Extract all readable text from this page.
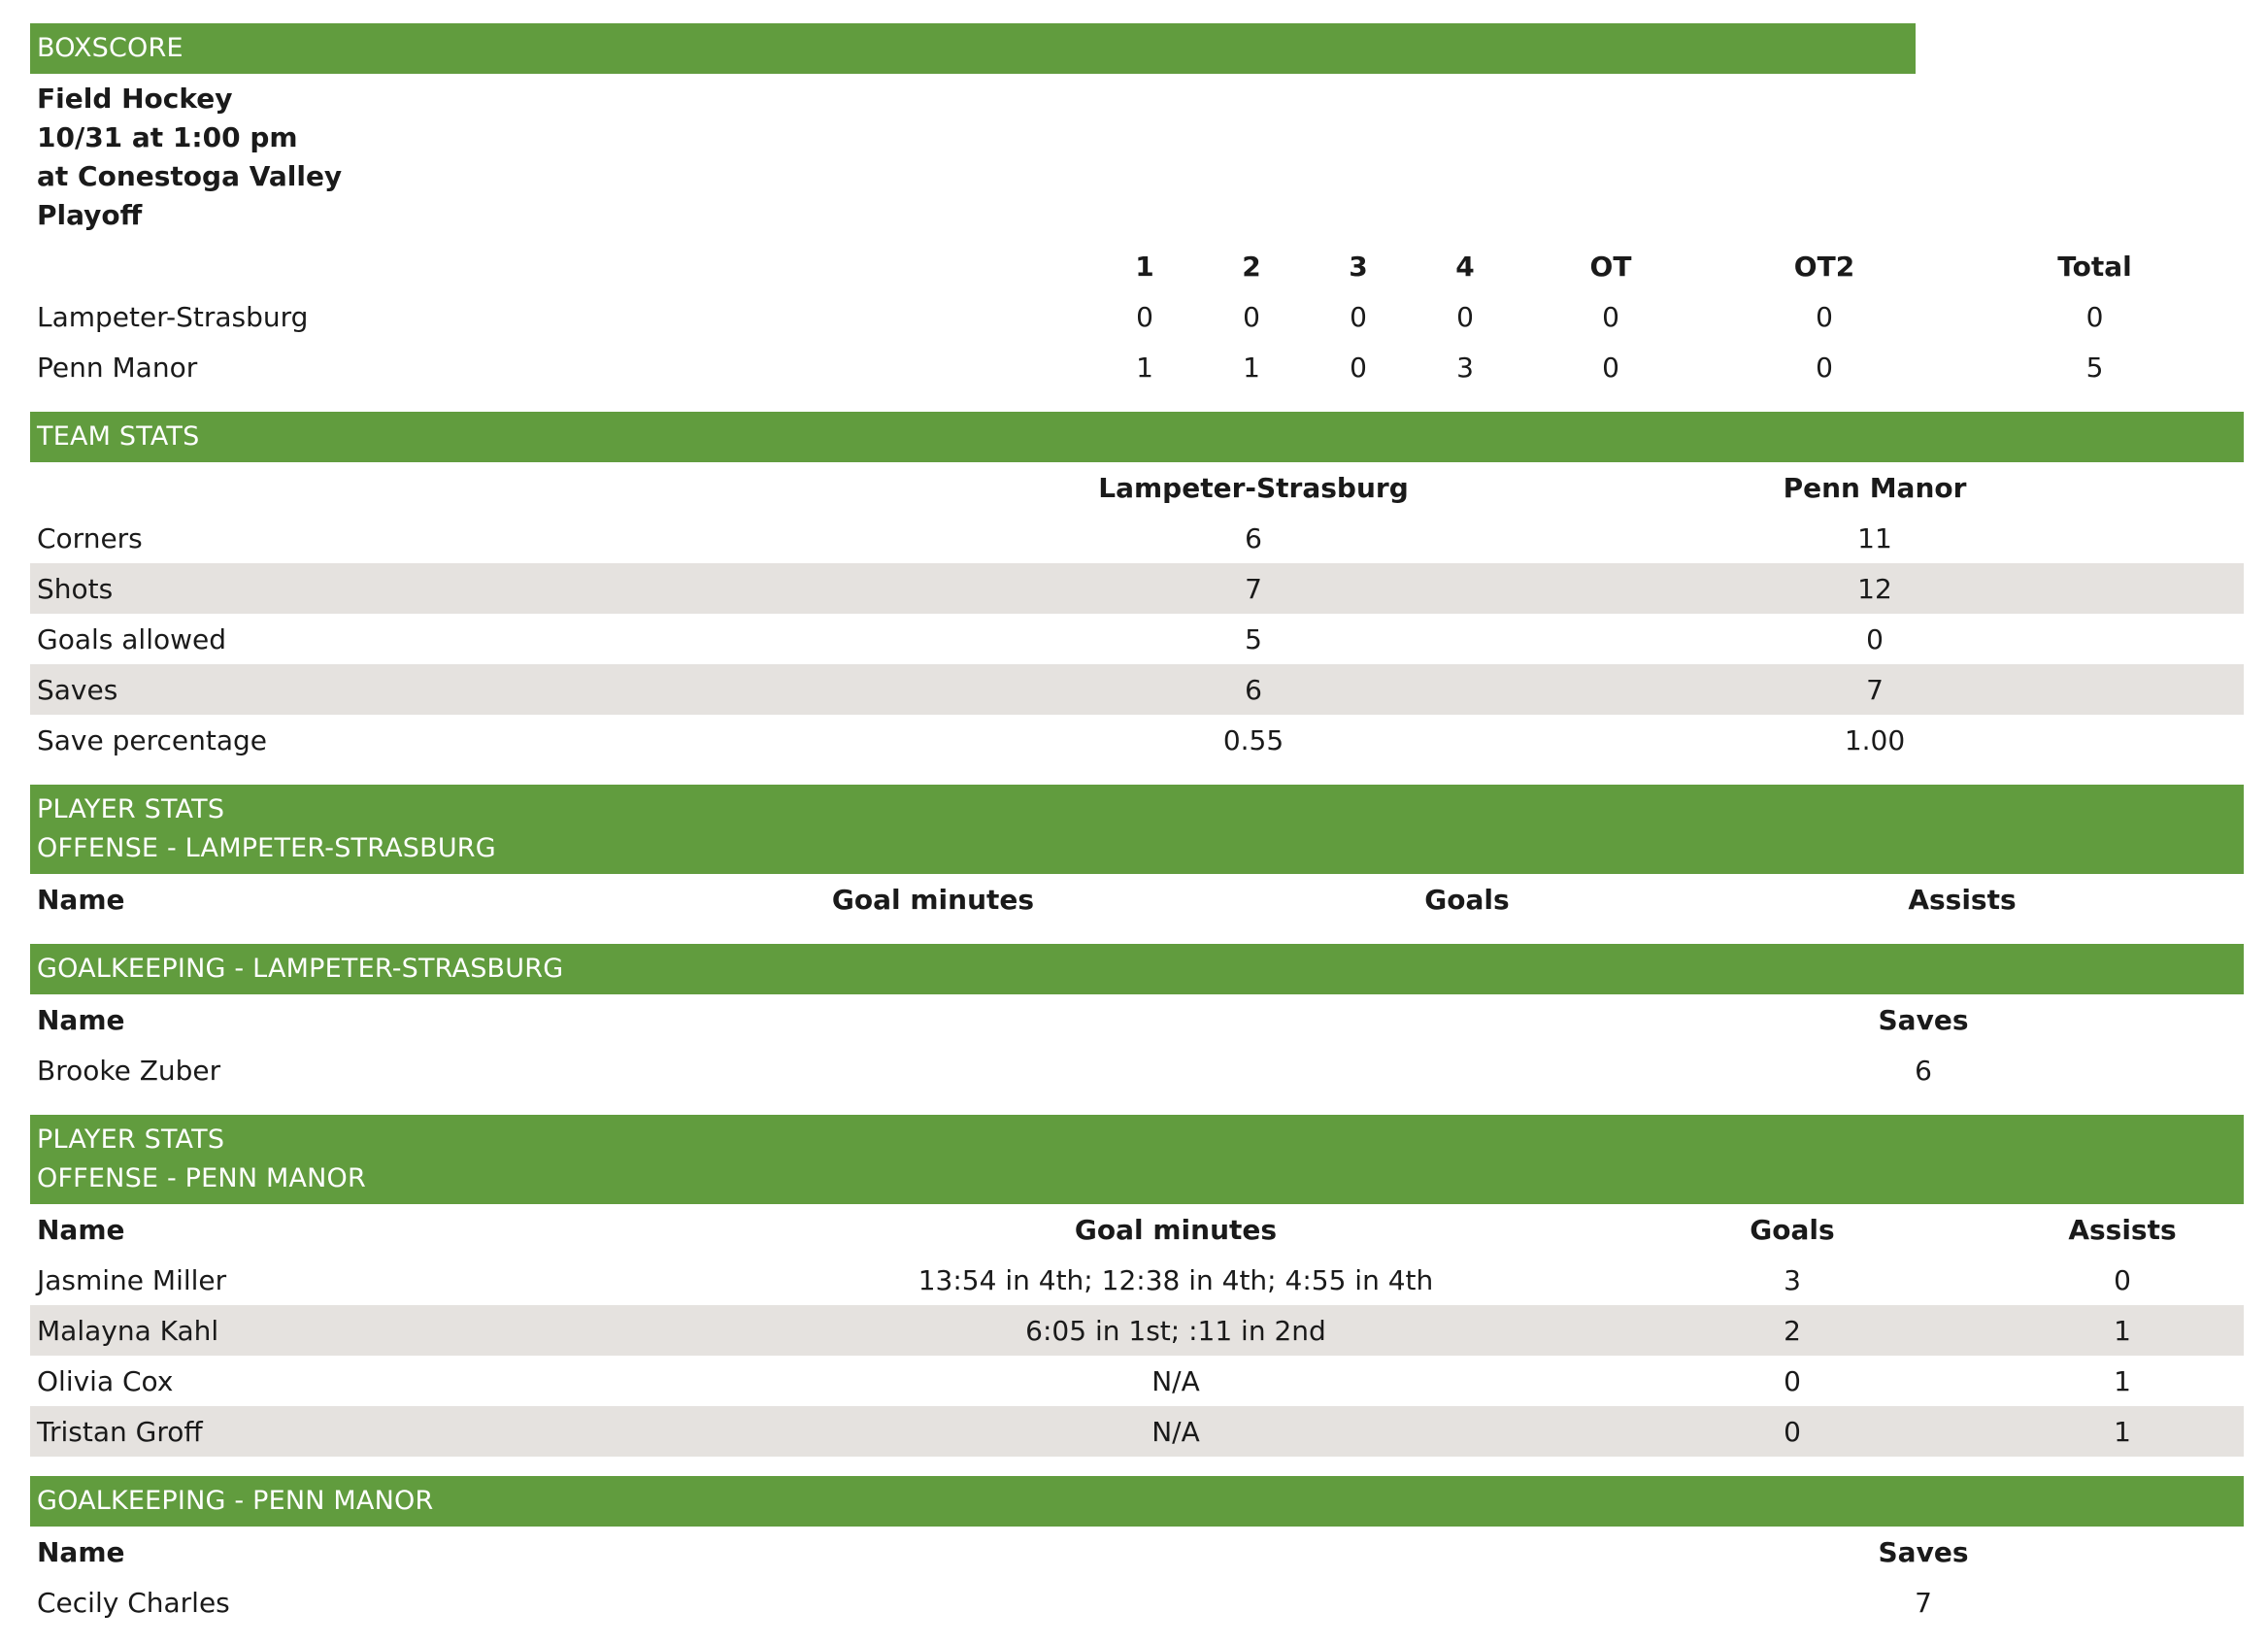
BOXSCORE
Field Hockey
10/31 at 1:00 pm
at Conestoga Valley
Playoff
	1	2	3	4	OT	OT2	Total
Lampeter-Strasburg	0	0	0	0	0	0	0
Penn Manor	1	1	0	3	0	0	5
TEAM STATS
	Lampeter-Strasburg	Penn Manor
Corners	6	11
Shots	7	12
Goals allowed	5	0
Saves	6	7
Save percentage	0.55	1.00
PLAYER STATS
OFFENSE - LAMPETER-STRASBURG
Name	Goal minutes	Goals	Assists
GOALKEEPING - LAMPETER-STRASBURG
Name	Saves	
Brooke Zuber	6	
PLAYER STATS
OFFENSE - PENN MANOR
Name	Goal minutes	Goals	Assists
Jasmine Miller	13:54 in 4th; 12:38 in 4th; 4:55 in 4th	3	0
Malayna Kahl	6:05 in 1st; :11 in 2nd	2	1
Olivia Cox	N/A	0	1
Tristan Groff	N/A	0	1
GOALKEEPING - PENN MANOR
Name	Saves	
Cecily Charles	7	
